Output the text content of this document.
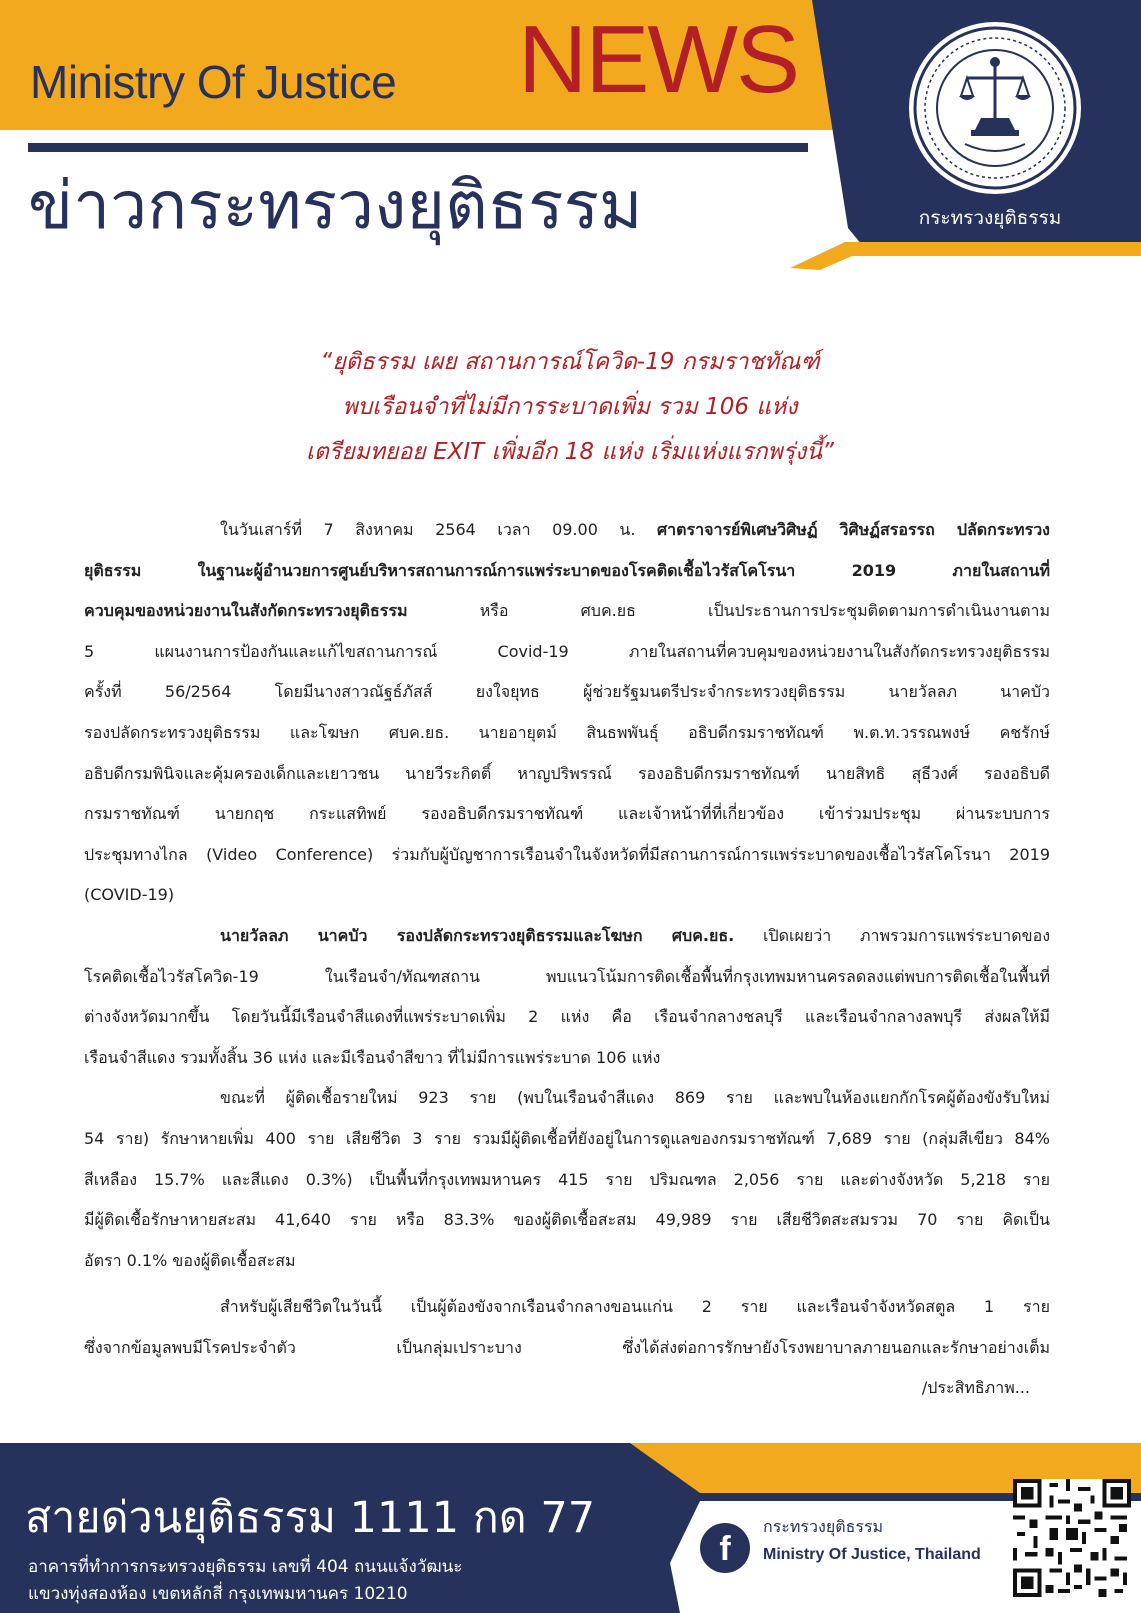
Ministry Of Justice NEWS
ข่าวกระทรวงยุติธรรม	กระทรวงยุติธรรม
“ยุติธรรม เผย สถานการณ์โควิด-19 กรมราชทัณฑ์
พบเรือนจำที่ไม่มีการระบาดเพิ่ม รวม 106 แห่ง
เตรียมทยอย EXIT เพิ่มอีก 18 แห่ง เริ่มแห่งแรกพรุ่งนี้”
ในวันเสาร์ที่ 7 สิงหาคม 2564 เวลา 09.00 น. ศาตราจารย์พิเศษวิศิษฏ์ วิศิษฏ์สรอรรถ ปลัดกระทรวง
ยุติธรรม ในฐานะผู้อำนวยการศูนย์บริหารสถานการณ์การแพร่ระบาดของโรคติดเชื้อไวรัสโคโรนา 2019 ภายในสถานที่
ควบคุมของหน่วยงานในสังกัดกระทรวงยุติธรรม หรือ ศบค.ยธ เป็นประธานการประชุมติดตามการดำเนินงานตาม
5 แผนงานการป้องกันและแก้ไขสถานการณ์ Covid-19 ภายในสถานที่ควบคุมของหน่วยงานในสังกัดกระทรวงยุติธรรม
ครั้งที่ 56/2564 โดยมีนางสาวณัฐธ์ภัสส์ ยงใจยุทธ ผู้ช่วยรัฐมนตรีประจำกระทรวงยุติธรรม นายวัลลภ นาคบัว
รองปลัดกระทรวงยุติธรรม และโฆษก ศบค.ยธ. นายอายุตม์ สินธพพันธุ์ อธิบดีกรมราชทัณฑ์ พ.ต.ท.วรรณพงษ์ คชรักษ์
อธิบดีกรมพินิจและคุ้มครองเด็กและเยาวชน นายวีระกิตติ์ หาญปริพรรณ์ รองอธิบดีกรมราชทัณฑ์ นายสิทธิ สุธีวงศ์ รองอธิบดี
กรมราชทัณฑ์ นายกฤช กระแสทิพย์ รองอธิบดีกรมราชทัณฑ์ และเจ้าหน้าที่ที่เกี่ยวข้อง เข้าร่วมประชุม ผ่านระบบการ
ประชุมทางไกล (Video Conference) ร่วมกับผู้บัญชาการเรือนจำในจังหวัดที่มีสถานการณ์การแพร่ระบาดของเชื้อไวรัสโคโรนา 2019
(COVID-19)
นายวัลลภ นาคบัว รองปลัดกระทรวงยุติธรรมและโฆษก ศบค.ยธ. เปิดเผยว่า ภาพรวมการแพร่ระบาดของ
โรคติดเชื้อไวรัสโควิด-19 ในเรือนจำ/ทัณฑสถาน พบแนวโน้มการติดเชื้อพื้นที่กรุงเทพมหานครลดลงแต่พบการติดเชื้อในพื้นที่
ต่างจังหวัดมากขึ้น โดยวันนี้มีเรือนจำสีแดงที่แพร่ระบาดเพิ่ม 2 แห่ง คือ เรือนจำกลางชลบุรี และเรือนจำกลางลพบุรี ส่งผลให้มี
เรือนจำสีแดง รวมทั้งสิ้น 36 แห่ง และมีเรือนจำสีขาว ที่ไม่มีการแพร่ระบาด 106 แห่ง
ขณะที่ ผู้ติดเชื้อรายใหม่ 923 ราย (พบในเรือนจำสีแดง 869 ราย และพบในห้องแยกกักโรคผู้ต้องขังรับใหม่
54 ราย) รักษาหายเพิ่ม 400 ราย เสียชีวิต 3 ราย รวมมีผู้ติดเชื้อที่ยังอยู่ในการดูแลของกรมราชทัณฑ์ 7,689 ราย (กลุ่มสีเขียว 84%
สีเหลือง 15.7% และสีแดง 0.3%) เป็นพื้นที่กรุงเทพมหานคร 415 ราย ปริมณฑล 2,056 ราย และต่างจังหวัด 5,218 ราย
มีผู้ติดเชื้อรักษาหายสะสม 41,640 ราย หรือ 83.3% ของผู้ติดเชื้อสะสม 49,989 ราย เสียชีวิตสะสมรวม 70 ราย คิดเป็น
อัตรา 0.1% ของผู้ติดเชื้อสะสม
สำหรับผู้เสียชีวิตในวันนี้ เป็นผู้ต้องขังจากเรือนจำกลางขอนแก่น 2 ราย และเรือนจำจังหวัดสตูล 1 ราย
ซึ่งจากข้อมูลพบมีโรคประจำตัว เป็นกลุ่มเปราะบาง ซึ่งได้ส่งต่อการรักษายังโรงพยาบาลภายนอกและรักษาอย่างเต็ม
/ประสิทธิภาพ...
สายด่วนยุติธรรม 1111 กด 77
อาคารที่ทำการกระทรวงยุติธรรม เลขที่ 404 ถนนแจ้งวัฒนะ
แขวงทุ่งสองห้อง เขตหลักสี่ กรุงเทพมหานคร 10210
f
กระทรวงยุติธรรม
Ministry Of Justice, Thailand
